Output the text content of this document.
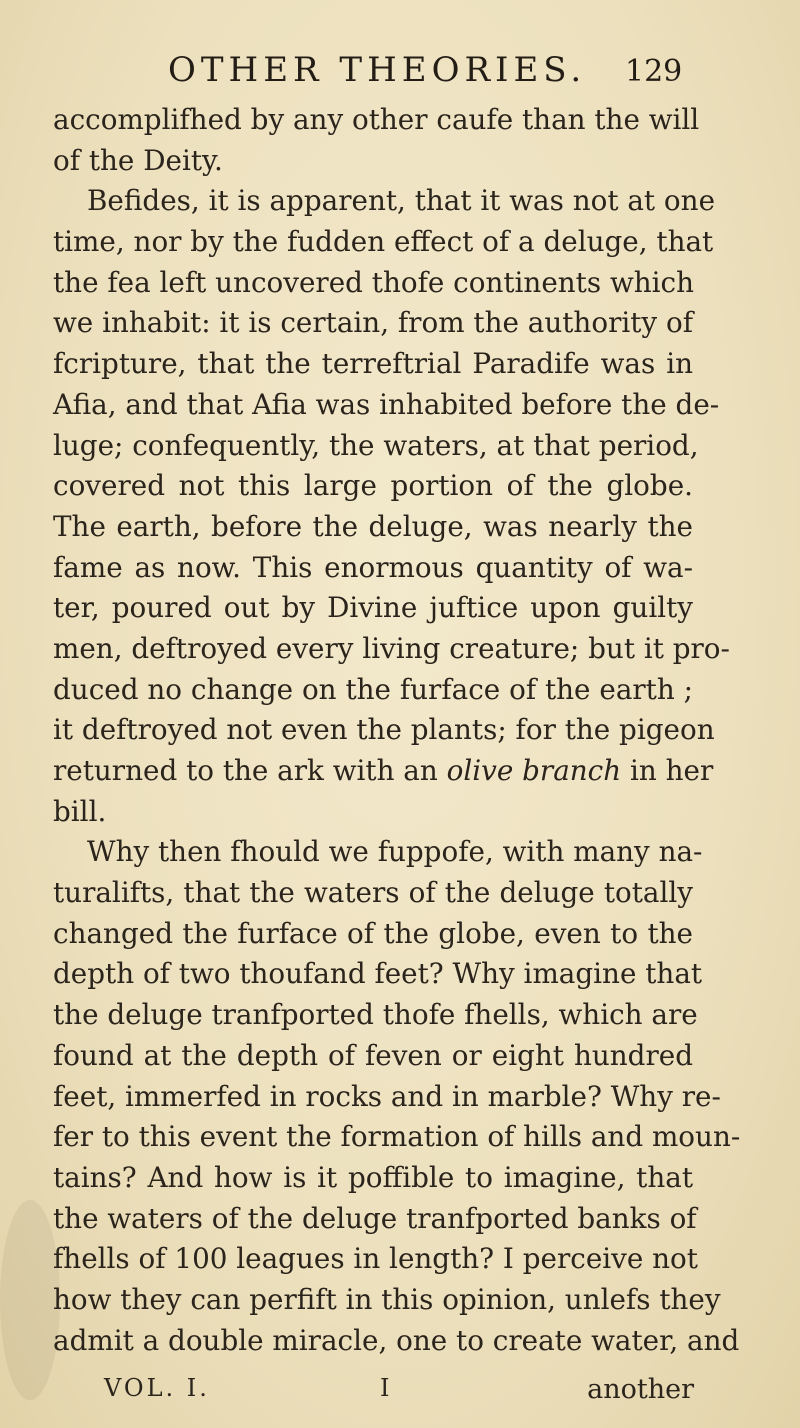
OTHER THEORIES. 129
accomplifhed by any other caufe than the will
of the Deity.
Befides, it is apparent, that it was not at one
time, nor by the fudden effect of a deluge, that
the fea left uncovered thofe continents which
we inhabit: it is certain, from the authority of
fcripture, that the terreftrial Paradife was in
Afia, and that Afia was inhabited before the de-
luge; confequently, the waters, at that period,
covered not this large portion of the globe.
The earth, before the deluge, was nearly the
fame as now. This enormous quantity of wa-
ter, poured out by Divine juftice upon guilty
men, deftroyed every living creature; but it pro-
duced no change on the furface of the earth ;
it deftroyed not even the plants; for the pigeon
returned to the ark with an olive branch in her
bill.
Why then fhould we fuppofe, with many na-
turalifts, that the waters of the deluge totally
changed the furface of the globe, even to the
depth of two thoufand feet? Why imagine that
the deluge tranfported thofe fhells, which are
found at the depth of feven or eight hundred
feet, immerfed in rocks and in marble? Why re-
fer to this event the formation of hills and moun-
tains? And how is it poffible to imagine, that
the waters of the deluge tranfported banks of
fhells of 100 leagues in length? I perceive not
how they can perfift in this opinion, unlefs they
admit a double miracle, one to create water, and
VOL. I.	I	another
